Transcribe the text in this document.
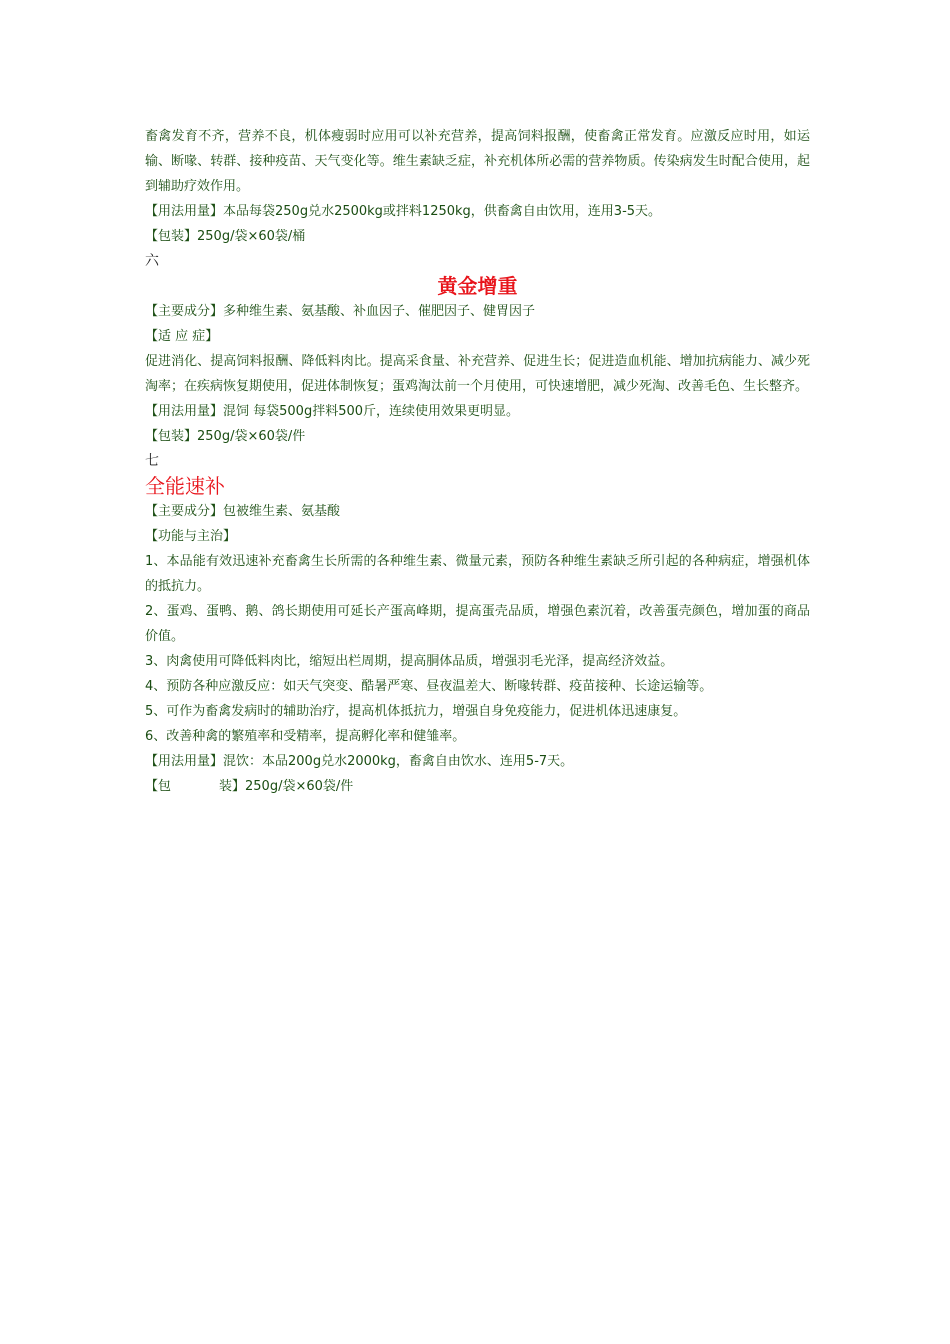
畜禽发育不齐，营养不良，机体瘦弱时应用可以补充营养，提高饲料报酬，使畜禽正常发育。应激反应时用，如运输、断喙、转群、接种疫苗、天气变化等。维生素缺乏症，补充机体所必需的营养物质。传染病发生时配合使用，起到辅助疗效作用。
【用法用量】本品每袋250g兑水2500kg或拌料1250kg，供畜禽自由饮用，连用3-5天。
【包装】250g/袋×60袋/桶
六
黄金增重
【主要成分】多种维生素、氨基酸、补血因子、催肥因子、健胃因子
【适 应 症】
促进消化、提高饲料报酬、降低料肉比。提高采食量、补充营养、促进生长；促进造血机能、增加抗病能力、减少死淘率；在疾病恢复期使用，促进体制恢复；蛋鸡淘汰前一个月使用，可快速增肥，减少死淘、改善毛色、生长整齐。
【用法用量】混饲 每袋500g拌料500斤，连续使用效果更明显。
【包装】250g/袋×60袋/件
七
全能速补
【主要成分】包被维生素、氨基酸
【功能与主治】
1、本品能有效迅速补充畜禽生长所需的各种维生素、微量元素，预防各种维生素缺乏所引起的各种病症，增强机体的抵抗力。
2、蛋鸡、蛋鸭、鹅、鸽长期使用可延长产蛋高峰期，提高蛋壳品质，增强色素沉着，改善蛋壳颜色，增加蛋的商品价值。
3、肉禽使用可降低料肉比，缩短出栏周期，提高胴体品质，增强羽毛光泽，提高经济效益。
4、预防各种应激反应：如天气突变、酷暑严寒、昼夜温差大、断喙转群、疫苗接种、长途运输等。
5、可作为畜禽发病时的辅助治疗，提高机体抵抗力，增强自身免疫能力，促进机体迅速康复。
6、改善种禽的繁殖率和受精率，提高孵化率和健雏率。
【用法用量】混饮：本品200g兑水2000kg，畜禽自由饮水、连用5-7天。
【包	装】250g/袋×60袋/件
